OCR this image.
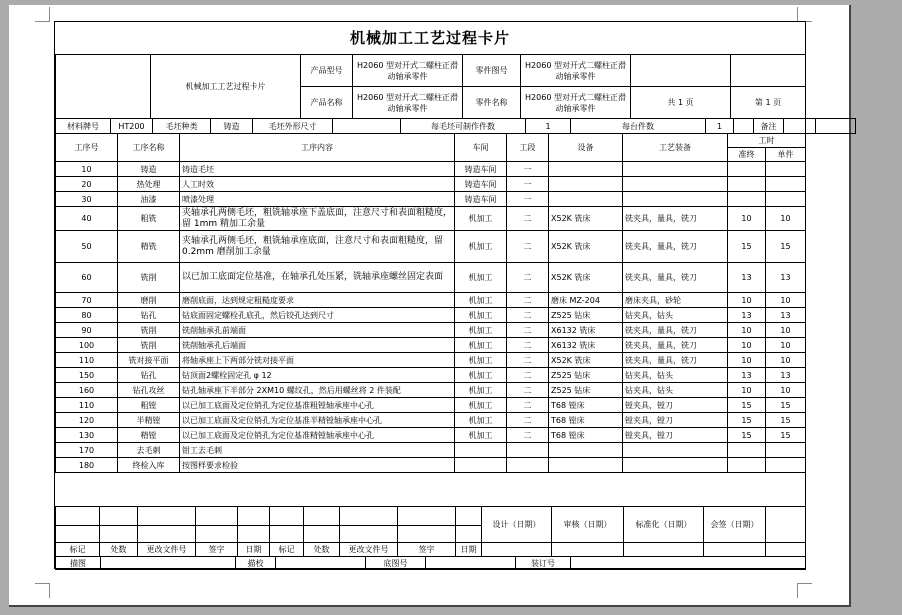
机械加工工艺过程卡片
	机械加工工艺过程卡片	产品型号	H2060 型对开式二螺柱正滑动轴承零件	零件图号	H2060 型对开式二螺柱正滑动轴承零件		
		产品名称	H2060 型对开式二螺柱正滑动轴承零件	零件名称	H2060 型对开式二螺柱正滑动轴承零件	共 1 页	第 1 页
材料牌号	HT200	毛坯种类	铸造	毛坯外形尺寸		每毛坯可制作件数	1	每台件数	1		备注		
工序号	工序名称	工序内容	车间	工段	设备	工艺装备	工时	
							准终	单件
10	铸造	铸造毛坯	铸造车间	一				
20	热处理	人工时效	铸造车间	一				
30	油漆	喷漆处理	铸造车间	一				
40	粗铣	夹轴承孔两侧毛坯，粗铣轴承座下盖底面，注意尺寸和表面粗糙度，留 1mm 精加工余量	机加工	二	X52K 铣床	铣夹具，量具，铣刀	10	10
50	精铣	夹轴承孔两侧毛坯，粗铣轴承座底面，注意尺寸和表面粗糙度，留0.2mm 磨削加工余量	机加工	二	X52K 铣床	铣夹具，量具，铣刀	15	15
60	铣削	以已加工底面定位基准，在轴承孔处压紧，铣轴承座螺丝固定表面	机加工	二	X52K 铣床	铣夹具，量具，铣刀	13	13
70	磨削	磨削底面，达到规定粗糙度要求	机加工	二	磨床 MZ-204	磨床夹具，砂轮	10	10
80	钻孔	钻底面固定螺栓孔底孔，然后铰孔达到尺寸	机加工	二	Z525 钻床	钻夹具，钻头	13	13
90	铣削	铣削轴承孔前端面	机加工	二	X6132 铣床	铣夹具，量具，铣刀	10	10
100	铣削	铣削轴承孔后端面	机加工	二	X6132 铣床	铣夹具，量具，铣刀	10	10
110	铣对接平面	将轴承座上下两部分铣对接平面	机加工	二	X52K 铣床	铣夹具，量具，铣刀	10	10
150	钻孔	钻顶面2螺栓固定孔 φ 12	机加工	二	Z525 钻床	钻夹具，钻头	13	13
160	钻孔攻丝	钻孔轴承座下半部分 2XM10 螺纹孔，然后用螺丝将 2 件装配	机加工	二	Z525 钻床	钻夹具，钻头	10	10
110	粗镗	以已加工底面及定位销孔为定位基准粗镗轴承座中心孔	机加工	二	T68 镗床	镗夹具，镗刀	15	15
120	半精镗	以已加工底面及定位销孔为定位基准半精镗轴承座中心孔	机加工	二	T68 镗床	镗夹具，镗刀	15	15
130	精镗	以已加工底面及定位销孔为定位基准精镗轴承座中心孔	机加工	二	T68 镗床	镗夹具，镗刀	15	15
170	去毛刺	钳工去毛刺						
180	终检入库	按图样要求检验						
										设计（日期）	审核（日期）	标准化（日期）	会签（日期）	

标记	处数	更改文件号	签字	日期	标记	处数	更改文件号	签字	日期					
描图		描校		底图号		装订号	
